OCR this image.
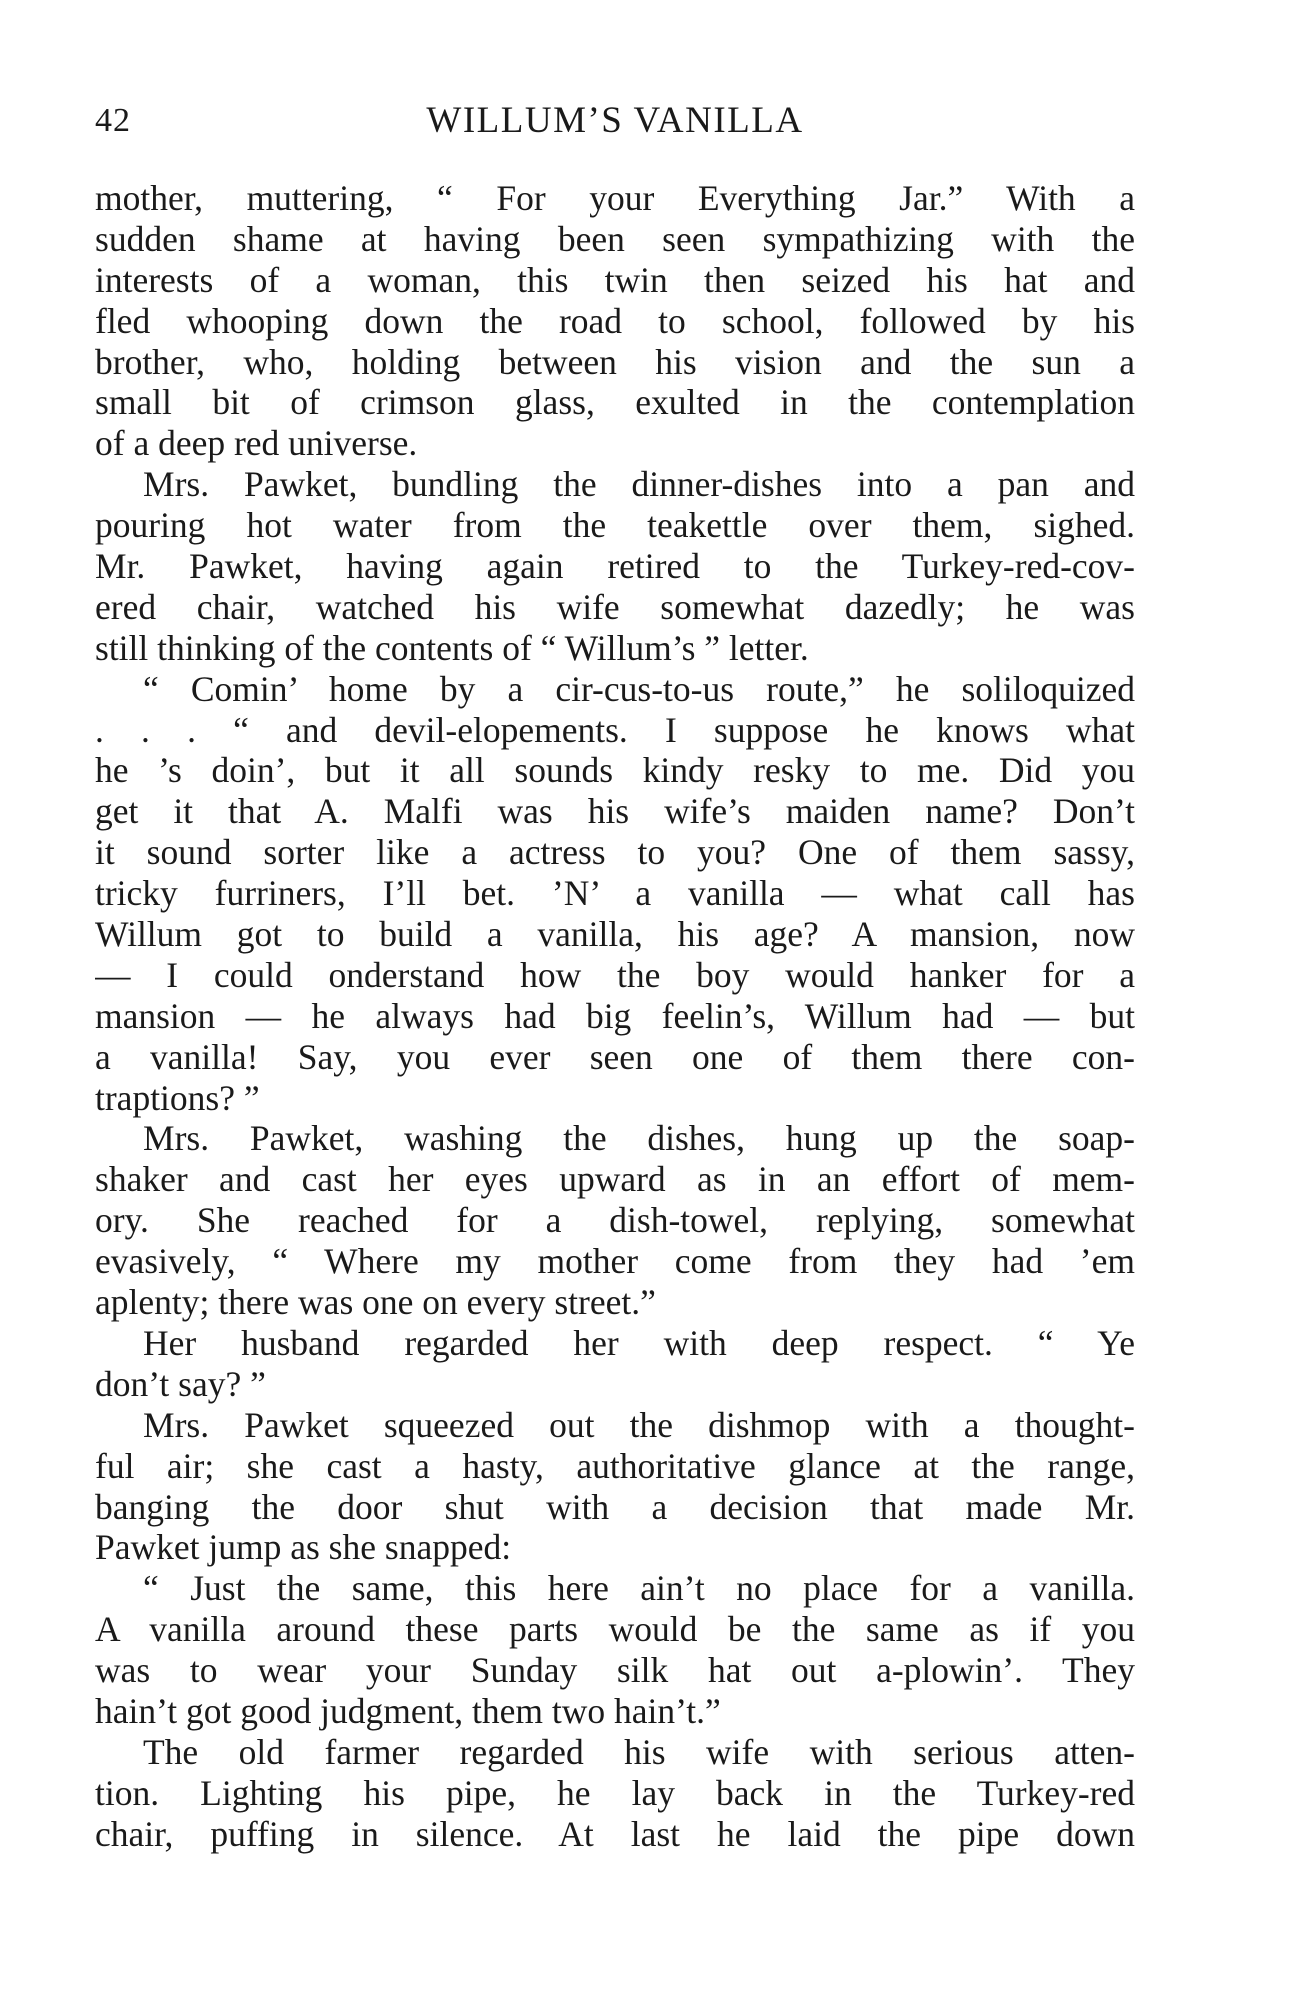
42	WILLUM’S VANILLA
mother, muttering, “ For your Everything Jar.” With a
sudden shame at having been seen sympathizing with the
interests of a woman, this twin then seized his hat and
fled whooping down the road to school, followed by his
brother, who, holding between his vision and the sun a
small bit of crimson glass, exulted in the contemplation
of a deep red universe.
Mrs. Pawket, bundling the dinner-dishes into a pan and
pouring hot water from the teakettle over them, sighed.
Mr. Pawket, having again retired to the Turkey-red-cov-
ered chair, watched his wife somewhat dazedly; he was
still thinking of the contents of “ Willum’s ” letter.
“ Comin’ home by a cir-cus-to-us route,” he soliloquized
. . . “ and devil-elopements. I suppose he knows what
he ’s doin’, but it all sounds kindy resky to me. Did you
get it that A. Malfi was his wife’s maiden name? Don’t
it sound sorter like a actress to you? One of them sassy,
tricky furriners, I’ll bet. ’N’ a vanilla — what call has
Willum got to build a vanilla, his age? A mansion, now
— I could onderstand how the boy would hanker for a
mansion — he always had big feelin’s, Willum had — but
a vanilla! Say, you ever seen one of them there con-
traptions? ”
Mrs. Pawket, washing the dishes, hung up the soap-
shaker and cast her eyes upward as in an effort of mem-
ory. She reached for a dish-towel, replying, somewhat
evasively, “ Where my mother come from they had ’em
aplenty; there was one on every street.”
Her husband regarded her with deep respect. “ Ye
don’t say? ”
Mrs. Pawket squeezed out the dishmop with a thought-
ful air; she cast a hasty, authoritative glance at the range,
banging the door shut with a decision that made Mr.
Pawket jump as she snapped:
“ Just the same, this here ain’t no place for a vanilla.
A vanilla around these parts would be the same as if you
was to wear your Sunday silk hat out a-plowin’. They
hain’t got good judgment, them two hain’t.”
The old farmer regarded his wife with serious atten-
tion. Lighting his pipe, he lay back in the Turkey-red
chair, puffing in silence. At last he laid the pipe down
